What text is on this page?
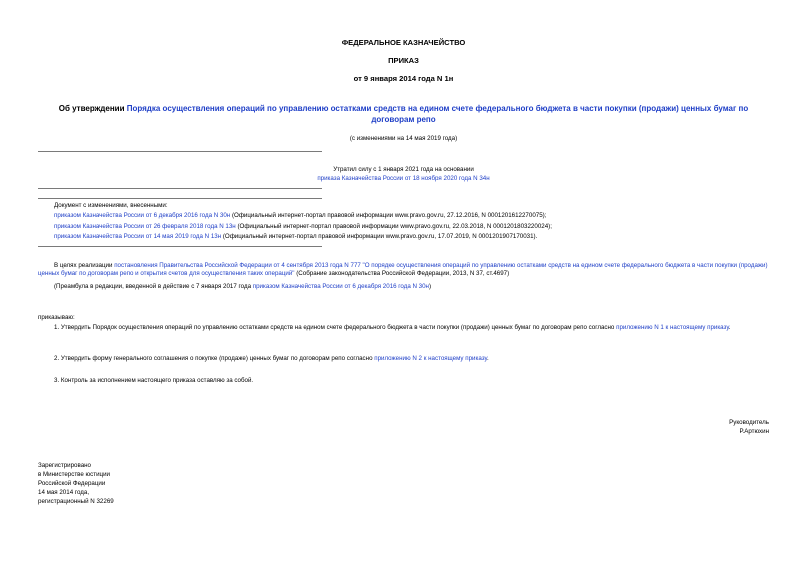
ФЕДЕРАЛЬНОЕ КАЗНАЧЕЙСТВО
ПРИКАЗ
от 9 января 2014 года N 1н
Об утверждении Порядка осуществления операций по управлению остатками средств на едином счете федерального бюджета в части покупки (продажи) ценных бумаг по договорам репо
(с изменениями на 14 мая 2019 года)
Утратил силу с 1 января 2021 года на основании
приказа Казначейства России от 18 ноября 2020 года N 34н
Документ с изменениями, внесенными:
приказом Казначейства России от 6 декабря 2016 года N 30н (Официальный интернет-портал правовой информации www.pravo.gov.ru, 27.12.2016, N 0001201612270075);
приказом Казначейства России от 26 февраля 2018 года N 13н (Официальный интернет-портал правовой информации www.pravo.gov.ru, 22.03.2018, N 0001201803220024);
приказом Казначейства России от 14 мая 2019 года N 13н (Официальный интернет-портал правовой информации www.pravo.gov.ru, 17.07.2019, N 0001201907170031).
В целях реализации постановления Правительства Российской Федерации от 4 сентября 2013 года N 777 "О порядке осуществления операций по управлению остатками средств на едином счете федерального бюджета в части покупки (продажи) ценных бумаг по договорам репо и открытия счетов для осуществления таких операций" (Собрание законодательства Российской Федерации, 2013, N 37, ст.4697)
(Преамбула в редакции, введенной в действие с 7 января 2017 года приказом Казначейства России от 6 декабря 2016 года N 30н)
приказываю:
1. Утвердить Порядок осуществления операций по управлению остатками средств на едином счете федерального бюджета в части покупки (продажи) ценных бумаг по договорам репо согласно приложению N 1 к настоящему приказу.
2. Утвердить форму генерального соглашения о покупке (продаже) ценных бумаг по договорам репо согласно приложению N 2 к настоящему приказу.
3. Контроль за исполнением настоящего приказа оставляю за собой.
Руководитель
Р.Артюхин
Зарегистрировано
в Министерстве юстиции
Российской Федерации
14 мая 2014 года,
регистрационный N 32269
